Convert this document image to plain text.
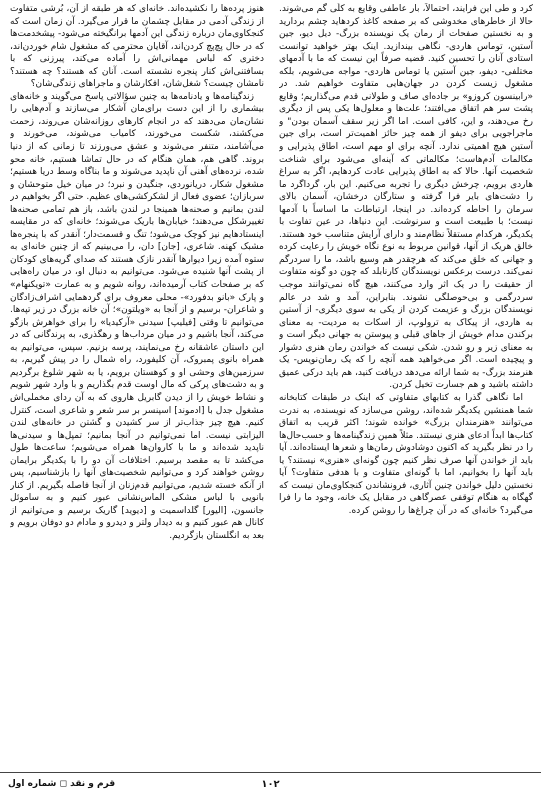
کرد و طی این فرایند، احتمالاً، بار عاطفی وقایع به کلّی گم می‌شوند. حالا از خاطرهای مخدوشی که بر صفحه کاغذ کردهاید چشم بردارید و به نخستین صفحات از رمان یک نویسنده بزرگ- دیل دیو، جین آستین، توماس هاردی- نگاهی بیندازید. اینک بهتر خواهید توانست استادی آنان را تحسین کنید. قضیه صرفاً این نیست که ما با آدمهای مختلفی- دیفو، جین آستین یا توماس هاردی- مواجه می‌شویم، بلکه مشغول زیست کردن در جهان‌هایی متفاوت خواهیم شد. در «رابینسون کروزو» بر جاده‌ای صاف و طولانی قدم می‌گذاریم؛ وقایع پشت سر هم اتفاق می‌افتند؛ علت‌ها و معلول‌ها یکی پس از دیگری رخ می‌دهند، و این، کافی است. اما اگر زیر سقف آسمان بودن" و ماجراجویی برای دیفو از همه چیز حائز اهمیت‌تر است، برای جین آستین هیچ اهمیتی ندارد. آنچه برای او مهم است، اطاق پذیرایی و مکالمات آدم‌هاست؛ مکالماتی که آینه‌ای می‌شود برای شناخت شخصیت آنها. حالا که به اطاق پذیرایی عادت کردهایم، اگر به سراغ هاردی برویم، چرخش دیگری را تجربه می‌کنیم. این بار، گرداگرد ما را دشت‌های بایر فرا گرفته و ستارگان درخشان، آسمان بالای سرمان را احاطه کرده‌اند. در اینجا، ارتباطات ما اساساً با آدمها نیست؛ با طبیعت است و سرنوشت. این دنیاها، در عین تفاوت با یکدیگر، هرکدام مستقلاً نظام‌مند و دارای آرایش متناسب خود هستند. خالق هریک از آنها، قوانین مربوط به نوع نگاه خویش را رعایت کرده و جهانی که خلق می‌کند که هرچقدر هم وسیع باشد، ما را سردرگم نمی‌کند. درست برعکس نویسندگان کارنابلد که چون دو گونه متفاوت از حقیقت را در یک اثر وارد می‌کنند، هیچ گاه نمی‌توانند موجب سردرگمی و بی‌حوصلگی نشوند. بنابراین، آمد و شد در عالم نویسندگان بزرگ و عزیمت کردن از یکی به سوی دیگری- از آستین به هاردی، از پیکاک به ترولوپ، از اسکات به مردیت- به معنای برکندن مدام خویش از جاهای قبلی و پیوستن به جهانی دیگر است و به معنای زیر و رو شدن. شکی نیست که خواندن رمان هنری دشوار و پیچیده است. اگر می‌خواهید همه آنچه را که یک رمان‌نویس- یک هنرمند بزرگ- به شما ارائه می‌دهد دریافت کنید، هم باید درکی عمیق داشته باشید و هم جسارت تخیل کردن.

اما نگاهی گذرا به کتابهای متفاوتی که اینک در طبقات کتابخانه شما همنشین یکدیگر شده‌اند، روشن می‌سازد که نویسنده، به ندرت می‌توانند «هنرمندان بزرگ» خوانده شوند؛ اکثر قریب به اتفاق کتاب‌ها ابداً ادعای هنری نیستند. مثلاً همین زندگینامه‌ها و حسب‌حال‌ها را در نظر بگیرید که اکنون دوشادوش رمان‌ها و شعرها ایستاده‌اند. آیا باید از خواندن آنها صرف نظر کنیم چون گونه‌ای «هنری» نیستند؟ یا باید آنها را بخوانیم، اما با گونه‌ای متفاوت و با هدفی متفاوت؟ آیا نخستین دلیل خواندن چنین آثاری، فرونشاندن کنجکاوی‌مان نیست که گهگاه به هنگام توقفی عصرگاهی در مقابل یک خانه، وجود ما را فرا می‌گیرد؟ خانه‌ای که در آن چراغ‌ها را روشن کرده.

هنوز پرده‌ها را نکشیده‌اند. خانه‌ای که هر طبقه از آن، بُرشی متفاوت از زندگی آدمی در مقابل چشمان ما قرار می‌گیرد. آن زمان است که کنجکاوی‌مان درباره زندگی این آدمها برانگیخته می‌شود- پیشخدمت‌ها که در حال پچ‌پچ کردن‌اند، آقایان محترمی که مشغول شام خوردن‌اند، دختری که لباس مهمانی‌اش را آماده می‌کند، پیرزنی که با بسافتنی‌اش کنار پنجره نشسته است. آنان که هستند؟ چه هستند؟ نامشان چیست؟ شغل‌شان، افکارشان و ماجراهای زندگی‌شان؟

زندگینامه‌ها و یادنامه‌ها به چنین سؤالاتی پاسخ می‌گویند و خانه‌های بیشماری را از این دست برای‌مان آشکار می‌سازند و آدم‌هایی را نشان‌مان می‌دهند که در انجام کارهای روزانه‌شان می‌روند، زحمت می‌کشند، شکست می‌خورند، کامیاب می‌شوند، می‌خورند و می‌آشامند، متنفر می‌شوند و عشق می‌ورزند تا زمانی که از دنیا بروند. گاهی هم، همان هنگام که در حال تماشا هستیم، خانه محو شده، نرده‌های آهنی آن ناپدید می‌شوند و ما بناگاه وسط دریا هستیم؛ مشغول شکار، دریانوردی، جنگیدن و نبرد؛ در میان خیل متوحشان و سربازان؛ عضوی فعال از لشکرکشی‌های عظیم. حتی اگر بخواهیم در لندن بمانیم و صحنه‌ها همینجا در لندن باشد، باز هم تمامی صحنه‌ها تغییرشکل می‌دهند؛ خیابان‌ها باریک می‌شوند؛ خانه‌ای که در مقایسه اینستادهایم نیز کوچک می‌شود؛ تنگ و قسمت‌دار؛ آنقدر که با پنجره‌ها مشبک کهنه. شاعری، [جان] دان، را می‌بینیم که از چنین خانه‌ای به ستوه آمده زیرا دیوارها آنقدر نازک هستند که صدای گریه‌های کودکان از پشت آنها شنیده می‌شود. می‌توانیم به دنبال او، در میان راه‌هایی که بر صفحات کتاب آرمیده‌اند، روانه شویم و به عمارت «تویکنهام» و پارک «بانو بدفورد»- محلی معروف برای گردهمایی اشراف‌زادگان و شاعران- برسیم و از آنجا به «ویلتون»؛ آن خانه بزرگ در زیر تپه‌ها. می‌توانیم تا وقتی [فیلیپ] سیدنی «آرکیدیا» را برای خواهرش بازگو می‌کند، آنجا باشیم و در میان مرداب‌ها و رهگذری، به پرندگانی که در این داستان عاشقانه رخ می‌نمایند، پرسه بزنیم. سپس، می‌توانیم به همراه بانوی پمبروک، آن کلیفورد، راه شمال را در پیش گیریم، به سرزمین‌های وحشی او و کوهستان برویم، یا به شهر شلوغ برگردیم و به دشت‌های پرکی که مال اوست قدم بگذاریم و با وارد شهر شویم و نشاط خویش را از دیدن گابریل هاروی که به آن ردای مخملی‌اش مشغول جدل با [ادموند] اسپنسر بر سر شعر و شاعری است، کنترل کنیم. هیچ چیز جذاب‌تر از سر کشیدن و گشتن در خانه‌های لندن الیزابتی نیست. اما نمی‌توانیم در آنجا بمانیم؛ تمپل‌ها و سیدنی‌ها ناپدید شده‌اند و ما با کاروان‌ها همراه می‌شویم؛ ساعت‌ها طول می‌کشد تا به مقصد برسیم. اختلافات آن دو را با یکدیگر برایمان روشن خواهند کرد و می‌توانیم شخصیت‌های آنها را بازشناسیم، پس از آنکه خسته شدیم، می‌توانیم قدم‌زنان از آنجا فاصله بگیریم. از کنار بانویی با لباس مشکی الماس‌نشانی عبور کنیم و به ساموئل جانسون، [الیور] گلداسمیت و [دیوید] گاریک برسیم و می‌توانیم از کانال هم عبور کنیم و به دیدار ولتر و دیدرو و مادام دو دوفان برویم و بعد به انگلستان بازگردیم.

۱۰۲
قرم و نقد ◻ شماره اول
